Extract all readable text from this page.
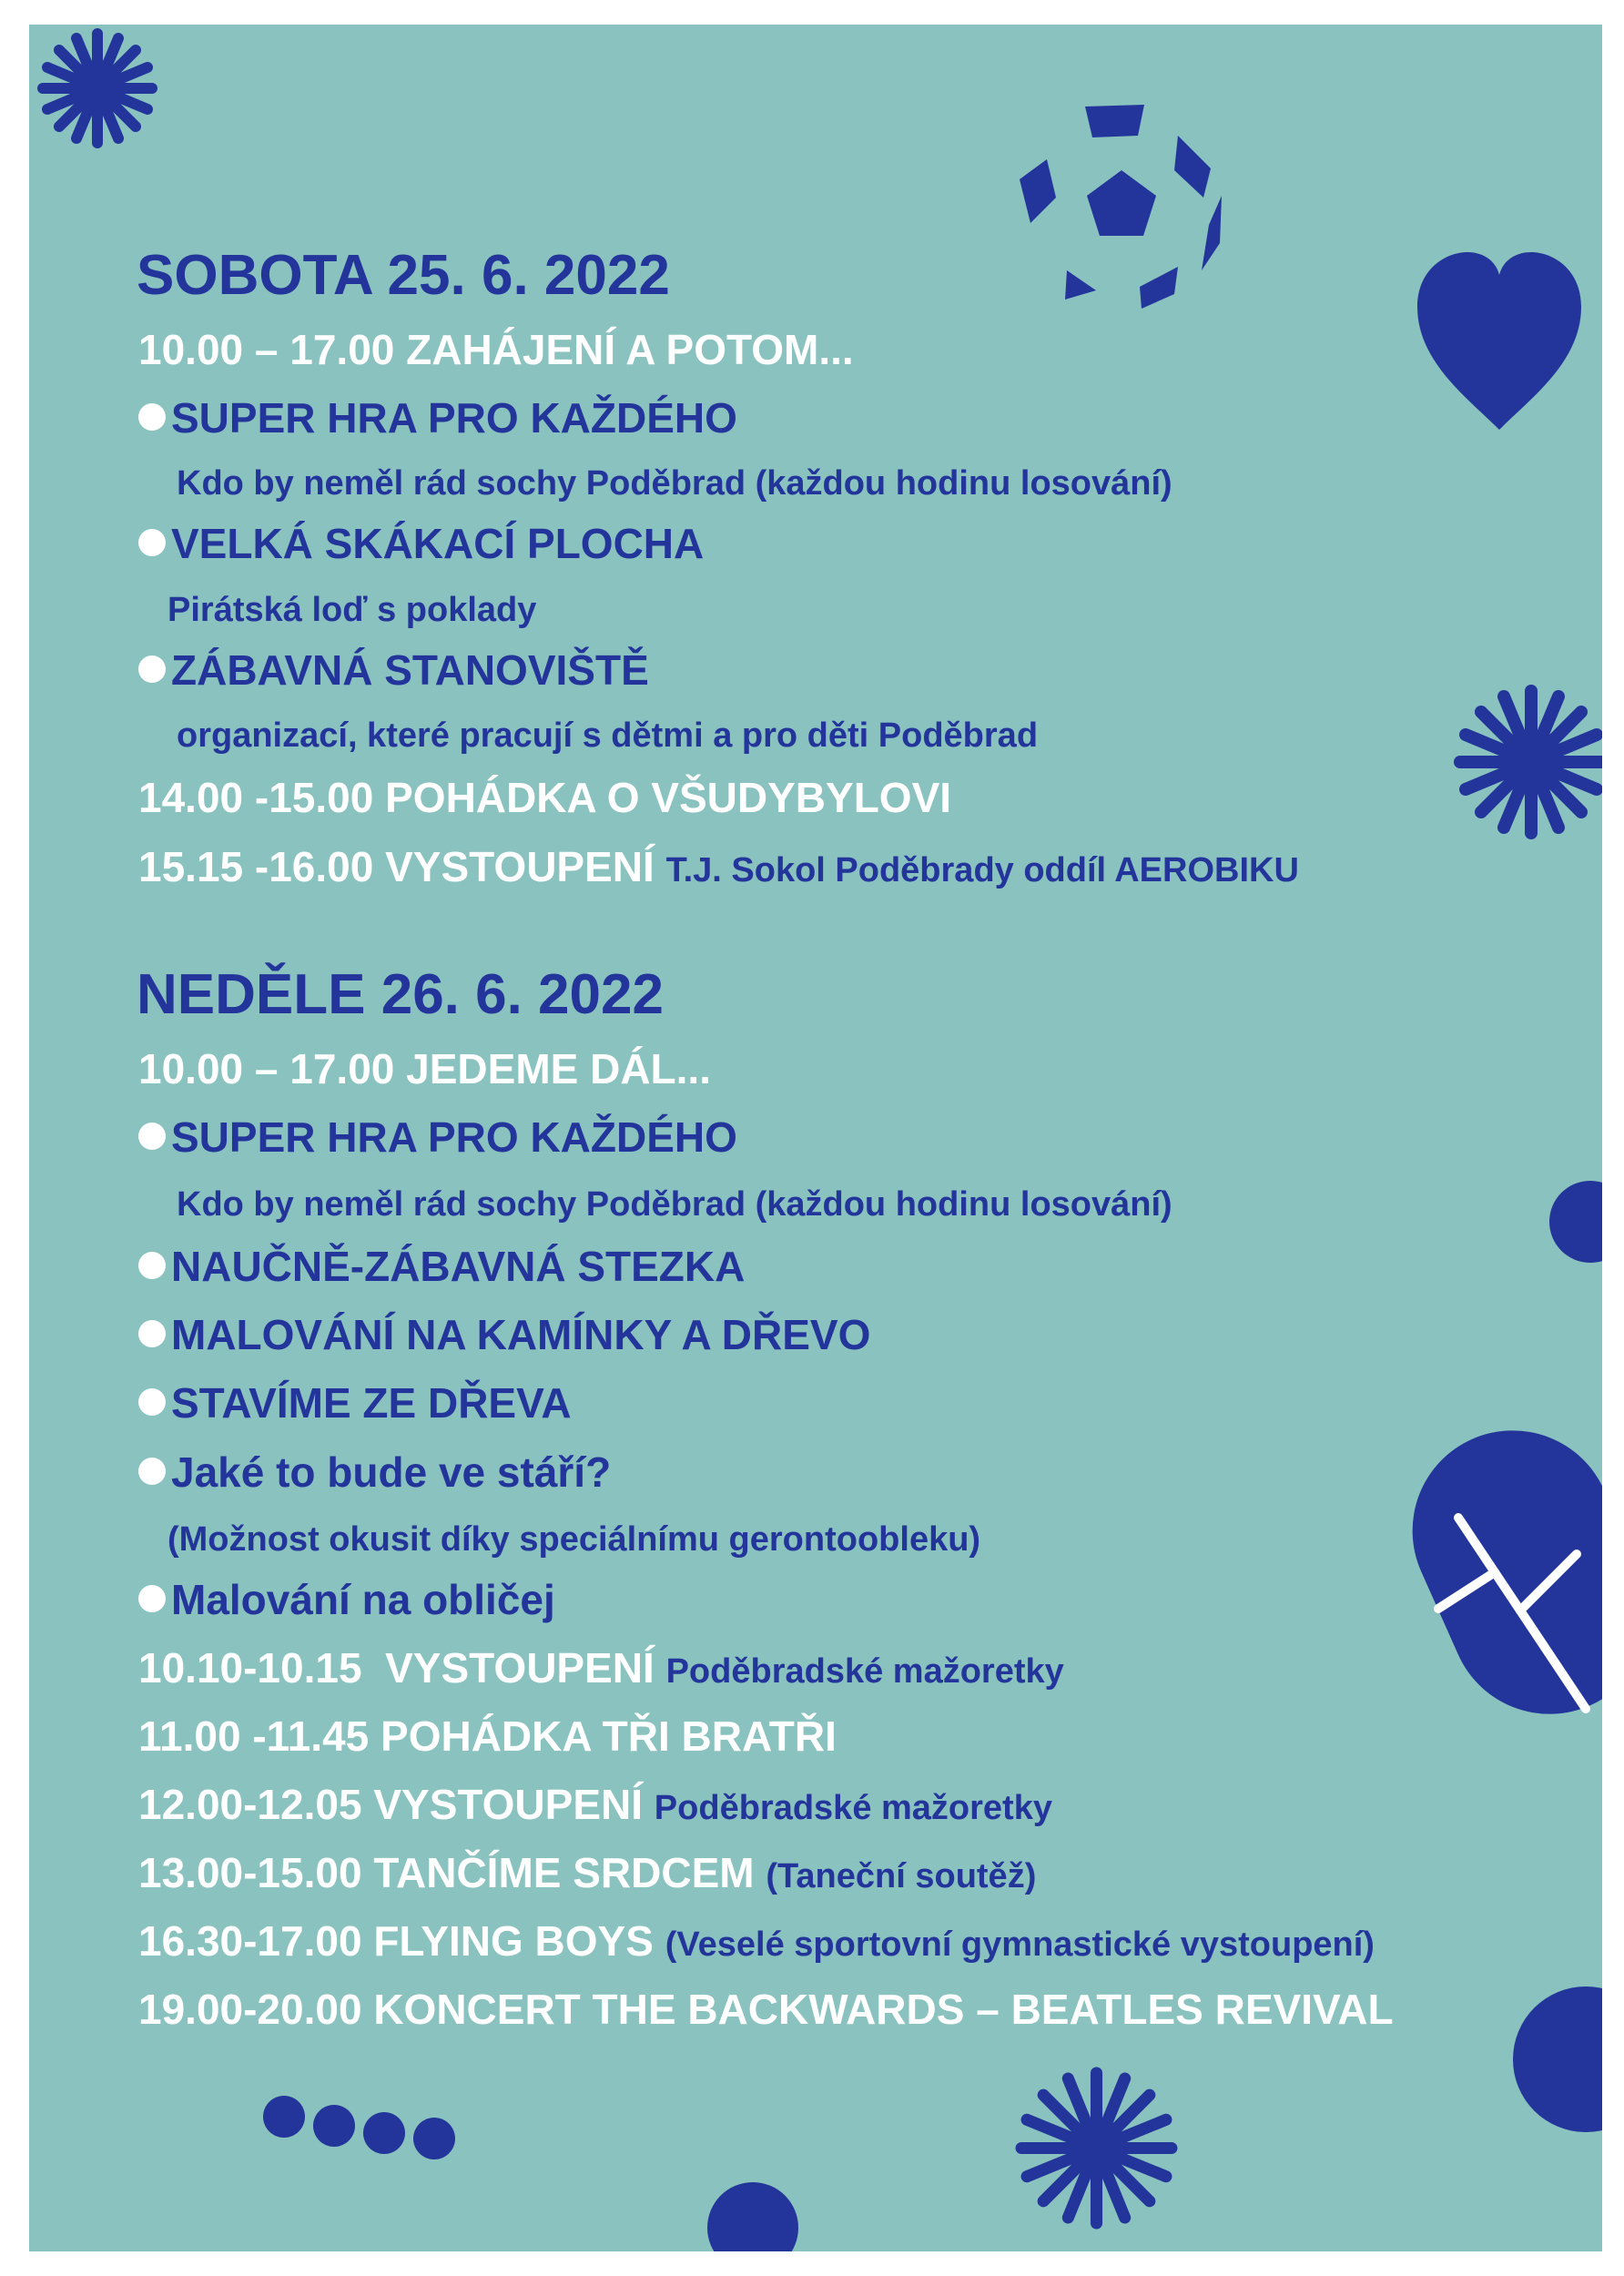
SOBOTA 25. 6. 2022
10.00 – 17.00 ZAHÁJENÍ A POTOM...
SUPER HRA PRO KAŽDÉHO
Kdo by neměl rád sochy Poděbrad (každou hodinu losování)
VELKÁ SKÁKACÍ PLOCHA
Pirátská loď s poklady
ZÁBAVNÁ STANOVIŠTĚ
organizací, které pracují s dětmi a pro děti Poděbrad
14.00 -15.00 POHÁDKA O VŠUDYBYLOVI
15.15 -16.00 VYSTOUPENÍ T.J. Sokol Poděbrady oddíl AEROBIKU
NEDĚLE 26. 6. 2022
10.00 – 17.00 JEDEME DÁL...
SUPER HRA PRO KAŽDÉHO
Kdo by neměl rád sochy Poděbrad (každou hodinu losování)
NAUČNĚ-ZÁBAVNÁ STEZKA
MALOVÁNÍ NA KAMÍNKY A DŘEVO
STAVÍME ZE DŘEVA
Jaké to bude ve stáří?
(Možnost okusit díky speciálnímu gerontoobleku)
Malování na obličej
10.10-10.15 VYSTOUPENÍ Poděbradské mažoretky
11.00 -11.45 POHÁDKA TŘI BRATŘI
12.00-12.05 VYSTOUPENÍ Poděbradské mažoretky
13.00-15.00 TANČÍME SRDCEM (Taneční soutěž)
16.30-17.00 FLYING BOYS (Veselé sportovní gymnastické vystoupení)
19.00-20.00 KONCERT THE BACKWARDS – BEATLES REVIVAL
